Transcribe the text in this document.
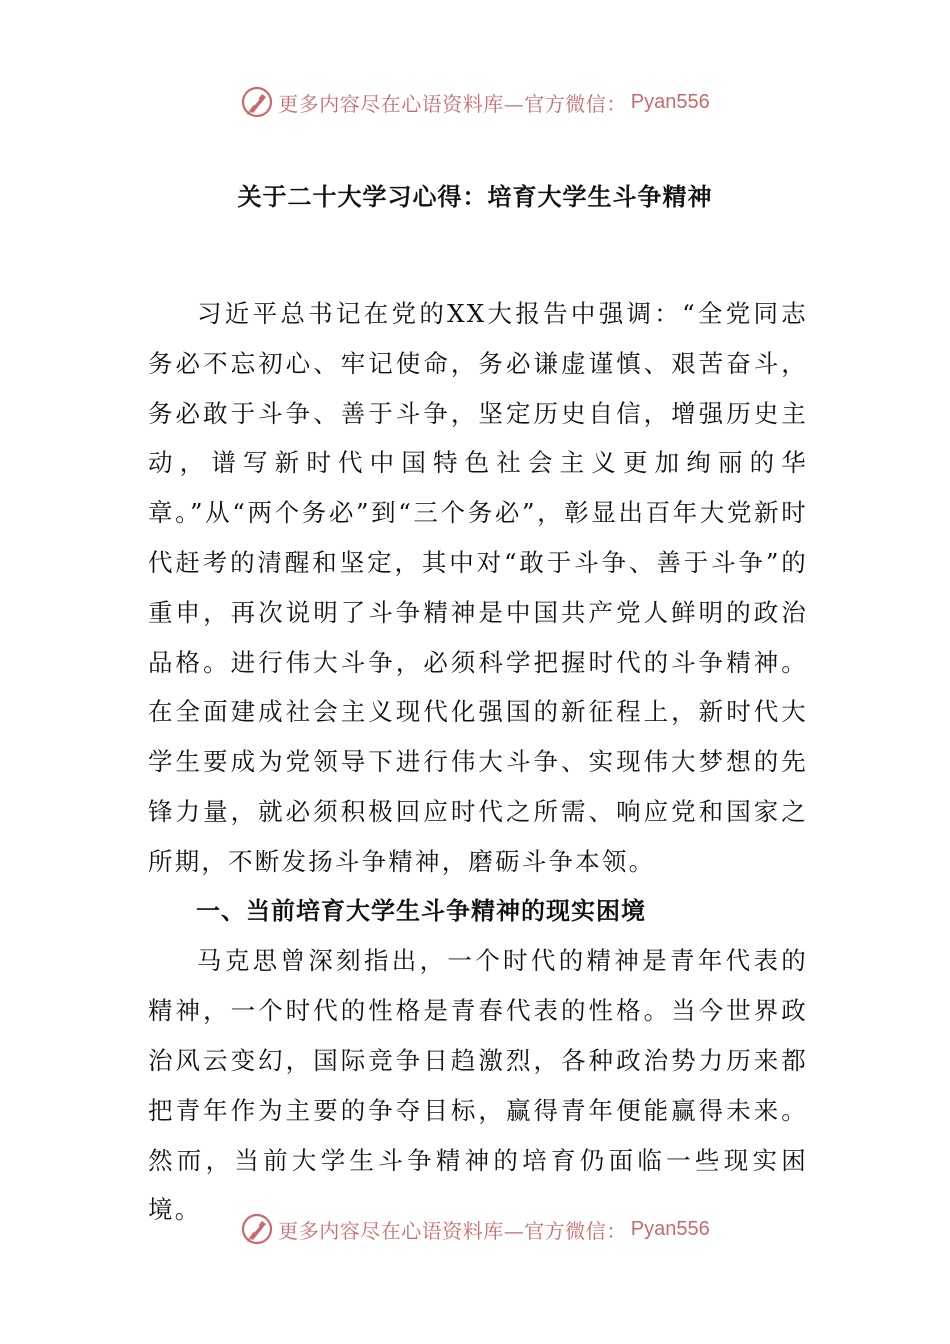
更多内容尽在心语资料库—官方微信： Pyan556
关于二十大学习心得：培育大学生斗争精神

习近平总书记在党的XX大报告中强调：“全党同志务必不忘初心、牢记使命，务必谦虚谨慎、艰苦奋斗，务必敢于斗争、善于斗争，坚定历史自信，增强历史主动，谱写新时代中国特色社会主义更加绚丽的华章。”从“两个务必”到“三个务必”，彰显出百年大党新时代赶考的清醒和坚定，其中对“敢于斗争、善于斗争”的重申，再次说明了斗争精神是中国共产党人鲜明的政治品格。进行伟大斗争，必须科学把握时代的斗争精神。在全面建成社会主义现代化强国的新征程上，新时代大学生要成为党领导下进行伟大斗争、实现伟大梦想的先锋力量，就必须积极回应时代之所需、响应党和国家之所期，不断发扬斗争精神，磨砺斗争本领。

一、当前培育大学生斗争精神的现实困境

马克思曾深刻指出，一个时代的精神是青年代表的精神，一个时代的性格是青春代表的性格。当今世界政治风云变幻，国际竞争日趋激烈，各种政治势力历来都把青年作为主要的争夺目标，赢得青年便能赢得未来。然而，当前大学生斗争精神的培育仍面临一些现实困境。

更多内容尽在心语资料库—官方微信： Pyan556
